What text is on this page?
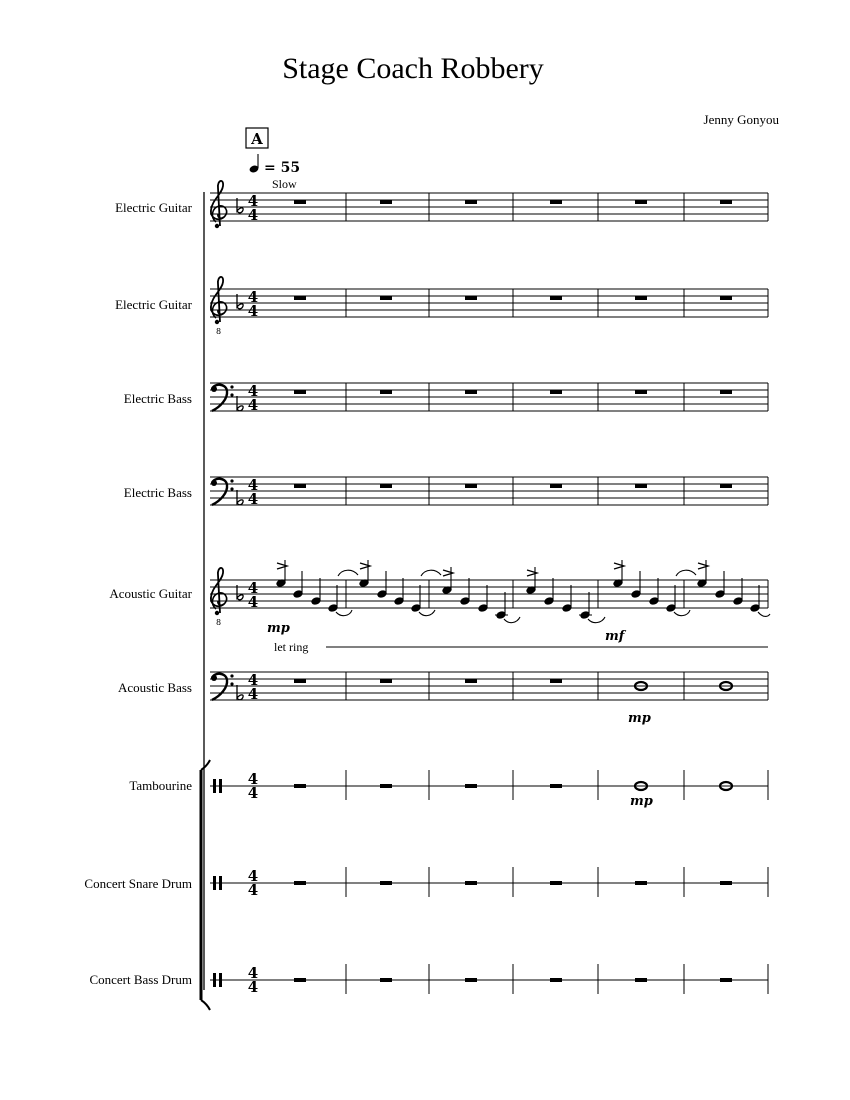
Stage Coach Robbery
Jenny Gonyou
A
= 55
Slow
Electric Guitar	4
4
Electric Guitar
8
4
4
Electric Bass	4
4
Electric Bass	4
4
Acoustic Guitar
8
4
4
mp
mf
let ring
Acoustic Bass	4
4
mp
Tambourine	4
4	mp
Concert Snare Drum	4
4
Concert Bass Drum	4
4
